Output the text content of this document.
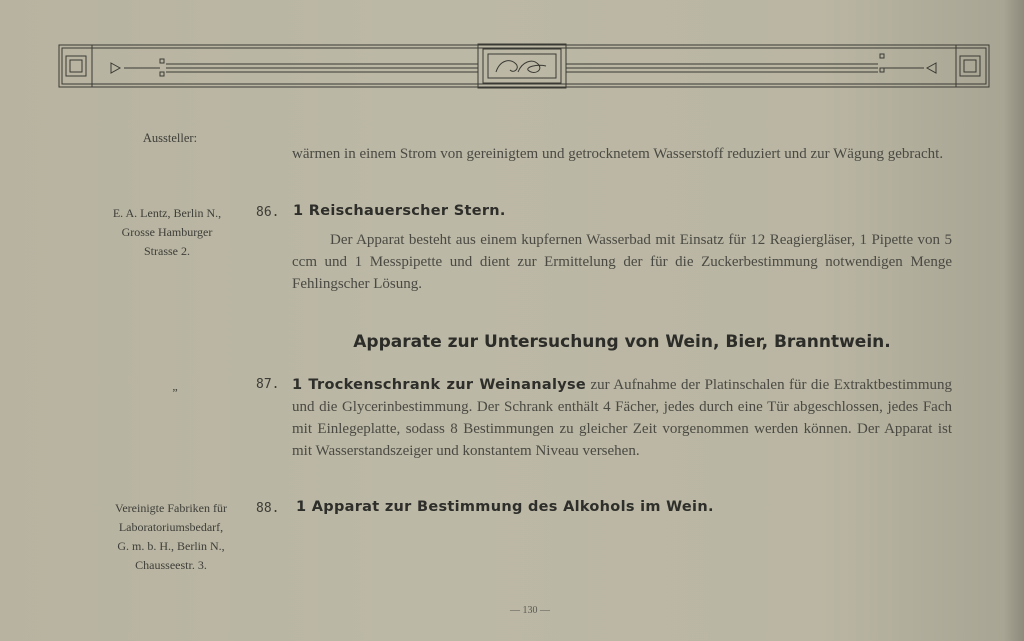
Aussteller:
wärmen in einem Strom von gereinigtem und getrocknetem Wasserstoff reduziert und zur Wägung gebracht.
E. A. Lentz, Berlin N.,
Grosse Hamburger
Strasse 2.
86. 1 Reischauerscher Stern.
Der Apparat besteht aus einem kupfernen Wasserbad mit Einsatz für 12 Reagiergläser, 1 Pipette von 5 ccm und 1 Messpipette und dient zur Ermittelung der für die Zuckerbestimmung notwendigen Menge Fehlingscher Lösung.
Apparate zur Untersuchung von Wein, Bier, Branntwein.
„	87. 1 Trockenschrank zur Weinanalyse zur Aufnahme der Platinschalen für die Extraktbestimmung und die Glycerinbestimmung. Der Schrank enthält 4 Fächer, jedes durch eine Tür abgeschlossen, jedes Fach mit Einlegeplatte, sodass 8 Bestimmungen zu gleicher Zeit vorgenommen werden können. Der Apparat ist mit Wasserstandszeiger und konstantem Niveau versehen.
Vereinigte Fabriken für
Laboratoriumsbedarf,
G. m. b. H., Berlin N.,
Chausseestr. 3.
88. 1 Apparat zur Bestimmung des Alkohols im Wein.
— 130 —
